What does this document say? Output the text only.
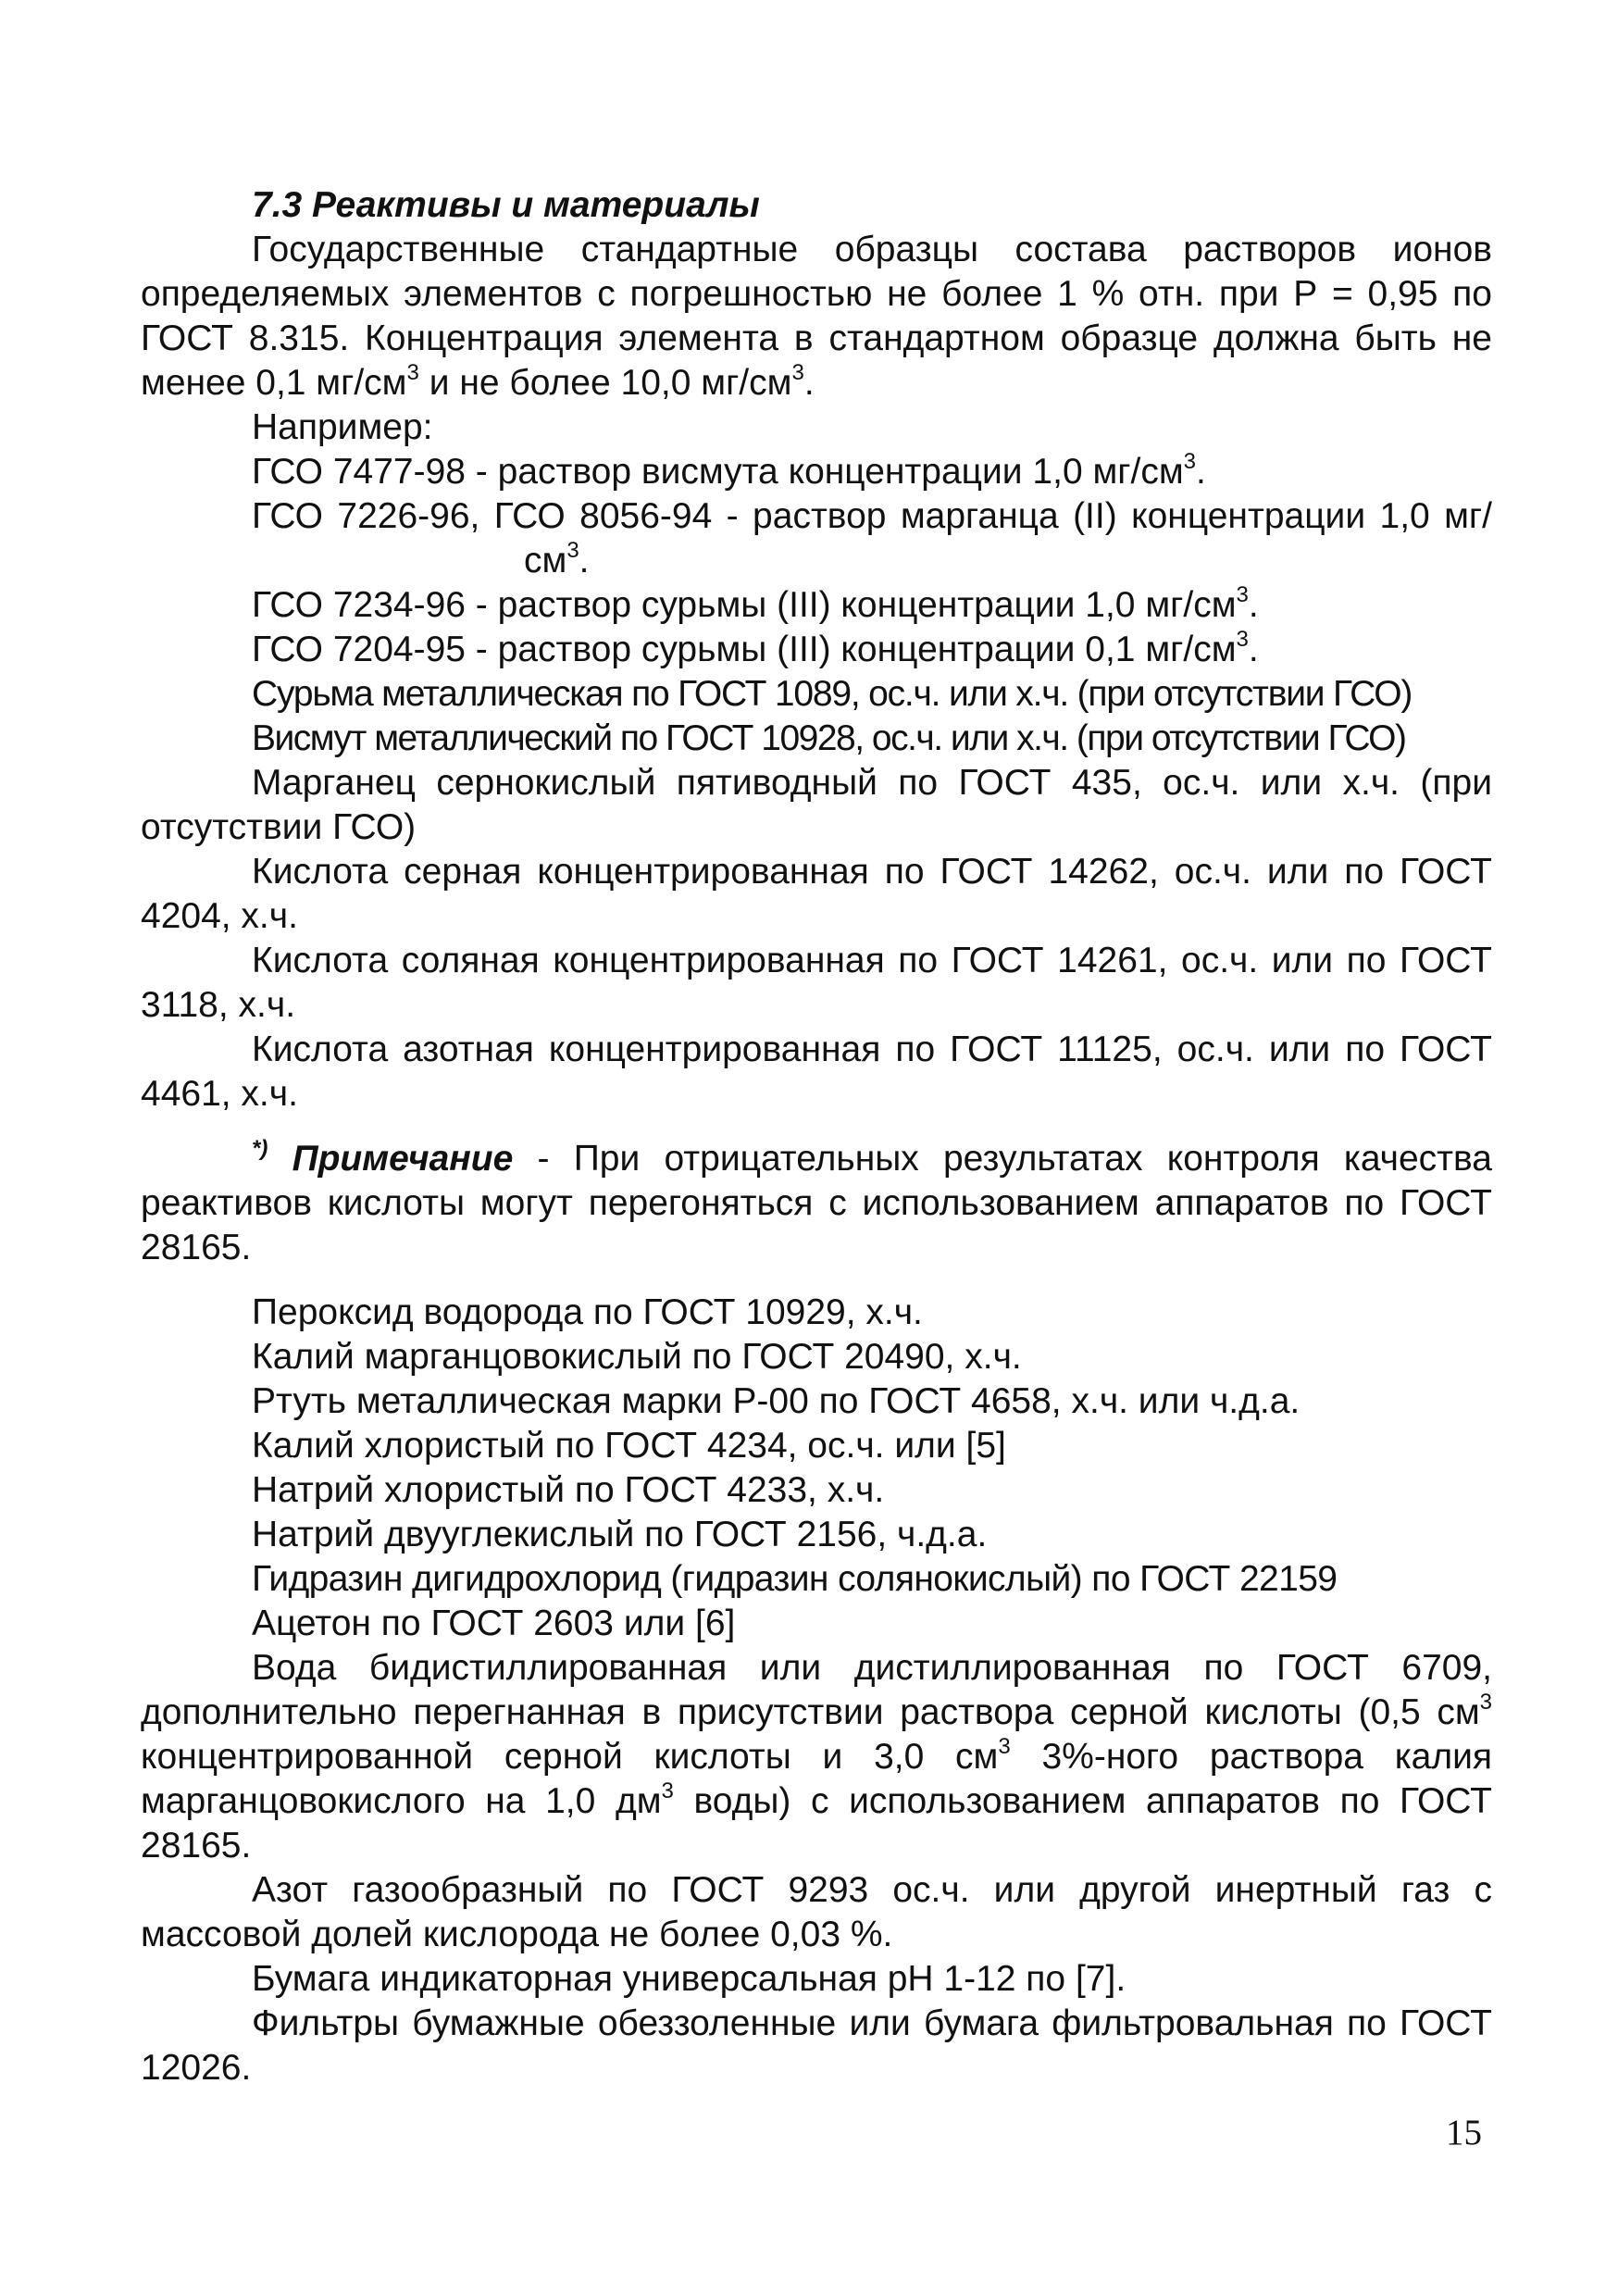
7.3 Реактивы и материалы

Государственные стандартные образцы состава растворов ионов определяемых элементов с погрешностью не более 1 % отн. при Р = 0,95 по ГОСТ 8.315. Концентрация элемента в стандартном образце должна быть не менее 0,1 $мг/см^3$ и не более 10,0 $мг/см^3$.

Например:

ГСО 7477-98 - раствор висмута концентрации 1,0 $мг/см^3$.

ГСО 7226-96, ГСО 8056-94 - раствор марганца (II) концентрации 1,0 $мг/см^3$.

ГСО 7234-96 - раствор сурьмы (III) концентрации 1,0 $мг/см^3$.

ГСО 7204-95 - раствор сурьмы (III) концентрации 0,1 $мг/см^3$.

Сурьма металлическая по ГОСТ 1089, ос.ч. или х.ч. (при отсутствии ГСО)

Висмут металлический по ГОСТ 10928, ос.ч. или х.ч. (при отсутствии ГСО)

Марганец сернокислый пятиводный по ГОСТ 435, ос.ч. или х.ч. (при отсутствии ГСО)

Кислота серная концентрированная по ГОСТ 14262, ос.ч. или по ГОСТ 4204, х.ч.

Кислота соляная концентрированная по ГОСТ 14261, ос.ч. или по ГОСТ 3118, х.ч.

Кислота азотная концентрированная по ГОСТ 11125, ос.ч. или по ГОСТ 4461, х.ч.

*) Примечание - При отрицательных результатах контроля качества реактивов кислоты могут перегоняться с использованием аппаратов по ГОСТ 28165.

Пероксид водорода по ГОСТ 10929, х.ч.

Калий марганцовокислый по ГОСТ 20490, х.ч.

Ртуть металлическая марки Р-00 по ГОСТ 4658, х.ч. или ч.д.а.

Калий хлористый по ГОСТ 4234, ос.ч. или [5]

Натрий хлористый по ГОСТ 4233, х.ч.

Натрий двууглекислый по ГОСТ 2156, ч.д.а.

Гидразин дигидрохлорид (гидразин солянокислый) по ГОСТ 22159

Ацетон по ГОСТ 2603 или [6]

Вода бидистиллированная или дистиллированная по ГОСТ 6709, дополнительно перегнанная в присутствии раствора серной кислоты (0,5 $см^3$ концентрированной серной кислоты и 3,0 $см^3$ 3%-ного раствора калия марганцовокислого на 1,0 $дм^3$ воды) с использованием аппаратов по ГОСТ 28165.

Азот газообразный по ГОСТ 9293 ос.ч. или другой инертный газ с массовой долей кислорода не более 0,03 %.

Бумага индикаторная универсальная рН 1-12 по [7].

Фильтры бумажные обеззоленные или бумага фильтровальная по ГОСТ 12026.

15
